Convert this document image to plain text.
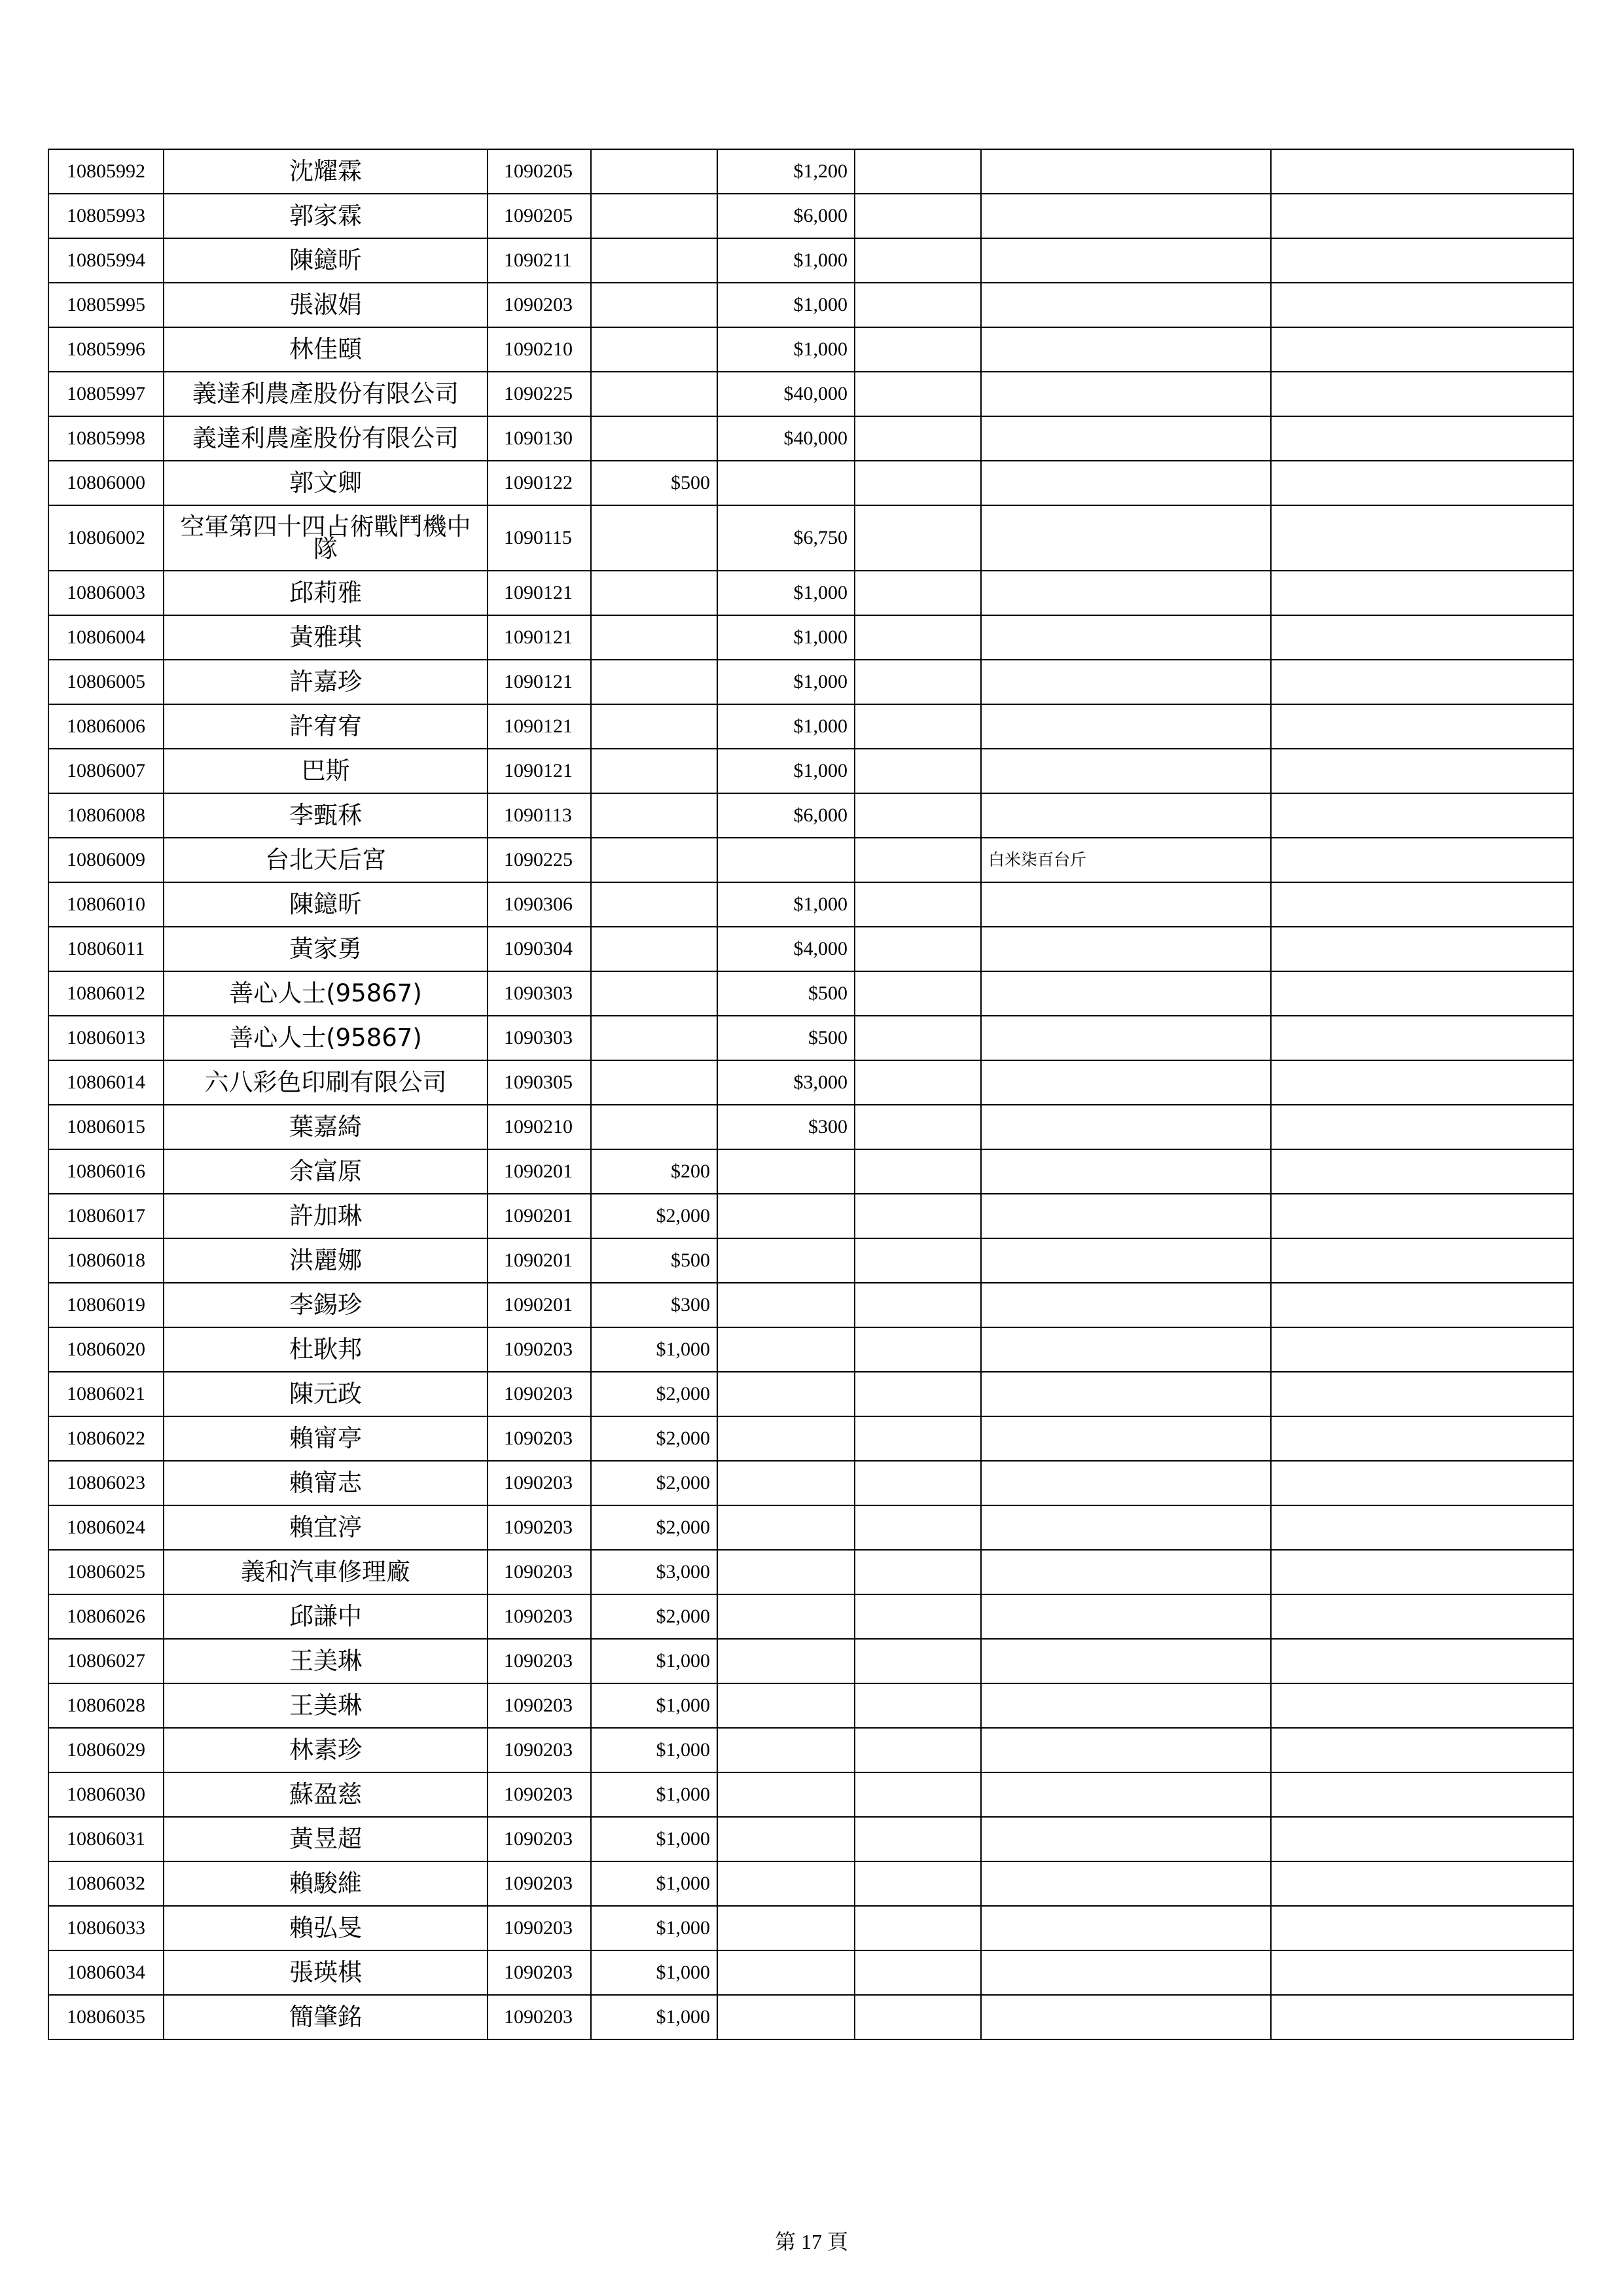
10805992	沈耀霖	1090205		$1,200			
10805993	郭家霖	1090205		$6,000			
10805994	陳鐿昕	1090211		$1,000			
10805995	張淑娟	1090203		$1,000			
10805996	林佳頤	1090210		$1,000			
10805997	義達利農產股份有限公司	1090225		$40,000			
10805998	義達利農產股份有限公司	1090130		$40,000			
10806000	郭文卿	1090122	$500				
10806002	空軍第四十四占術戰鬥機中隊	1090115		$6,750			
10806003	邱莉雅	1090121		$1,000			
10806004	黃雅琪	1090121		$1,000			
10806005	許嘉珍	1090121		$1,000			
10806006	許宥宥	1090121		$1,000			
10806007	巴斯	1090121		$1,000			
10806008	李甄秝	1090113		$6,000			
10806009	台北天后宮	1090225				白米柒百台斤	
10806010	陳鐿昕	1090306		$1,000			
10806011	黃家勇	1090304		$4,000			
10806012	善心人士(95867)	1090303		$500			
10806013	善心人士(95867)	1090303		$500			
10806014	六八彩色印刷有限公司	1090305		$3,000			
10806015	葉嘉綺	1090210		$300			
10806016	余富原	1090201	$200				
10806017	許加琳	1090201	$2,000				
10806018	洪麗娜	1090201	$500				
10806019	李錫珍	1090201	$300				
10806020	杜耿邦	1090203	$1,000				
10806021	陳元政	1090203	$2,000				
10806022	賴甯亭	1090203	$2,000				
10806023	賴甯志	1090203	$2,000				
10806024	賴宜渟	1090203	$2,000				
10806025	義和汽車修理廠	1090203	$3,000				
10806026	邱謙中	1090203	$2,000				
10806027	王美琳	1090203	$1,000				
10806028	王美琳	1090203	$1,000				
10806029	林素珍	1090203	$1,000				
10806030	蘇盈慈	1090203	$1,000				
10806031	黃昱超	1090203	$1,000				
10806032	賴駿維	1090203	$1,000				
10806033	賴弘旻	1090203	$1,000				
10806034	張瑛棋	1090203	$1,000				
10806035	簡肇銘	1090203	$1,000				
第 17 頁
